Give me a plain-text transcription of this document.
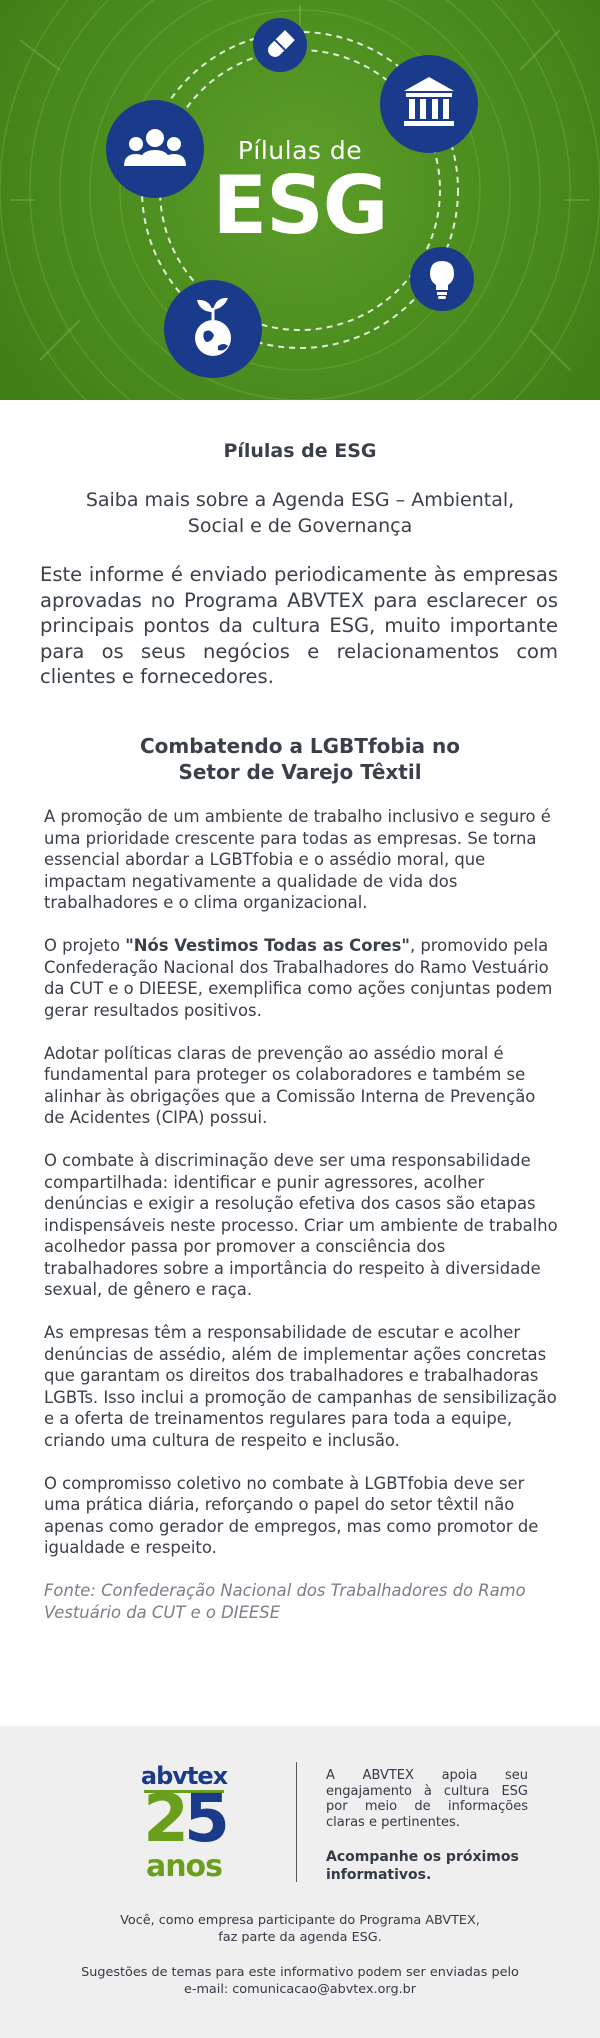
Pílulas de
ESG
Pílulas de ESG
Saiba mais sobre a Agenda ESG – Ambiental, Social e de Governança
Este informe é enviado periodicamente às empresas aprovadas no Programa ABVTEX para esclarecer os principais pontos da cultura ESG, muito importante para os seus negócios e relacionamentos com clientes e fornecedores.
Combatendo a LGBTfobia no
Setor de Varejo Têxtil

A promoção de um ambiente de trabalho inclusivo e seguro é uma prioridade crescente para todas as empresas. Se torna essencial abordar a LGBTfobia e o assédio moral, que impactam negativamente a qualidade de vida dos trabalhadores e o clima organizacional.

O projeto "Nós Vestimos Todas as Cores", promovido pela Confederação Nacional dos Trabalhadores do Ramo Vestuário da CUT e o DIEESE, exemplifica como ações conjuntas podem gerar resultados positivos.

Adotar políticas claras de prevenção ao assédio moral é fundamental para proteger os colaboradores e também se alinhar às obrigações que a Comissão Interna de Prevenção de Acidentes (CIPA) possui.

O combate à discriminação deve ser uma responsabilidade compartilhada: identificar e punir agressores, acolher denúncias e exigir a resolução efetiva dos casos são etapas indispensáveis neste processo. Criar um ambiente de trabalho acolhedor passa por promover a consciência dos trabalhadores sobre a importância do respeito à diversidade sexual, de gênero e raça.

As empresas têm a responsabilidade de escutar e acolher denúncias de assédio, além de implementar ações concretas que garantam os direitos dos trabalhadores e trabalhadoras LGBTs. Isso inclui a promoção de campanhas de sensibilização e a oferta de treinamentos regulares para toda a equipe, criando uma cultura de respeito e inclusão.

O compromisso coletivo no combate à LGBTfobia deve ser uma prática diária, reforçando o papel do setor têxtil não apenas como gerador de empregos, mas como promotor de igualdade e respeito.

Fonte: Confederação Nacional dos Trabalhadores do Ramo Vestuário da CUT e o DIEESE

abvtex
25
anos
A ABVTEX apoia seu engajamento à cultura ESG por meio de informações claras e pertinentes.
Acompanhe os próximos informativos.
Você, como empresa participante do Programa ABVTEX,
faz parte da agenda ESG.
Sugestões de temas para este informativo podem ser enviadas pelo
e-mail: comunicacao@abvtex.org.br
